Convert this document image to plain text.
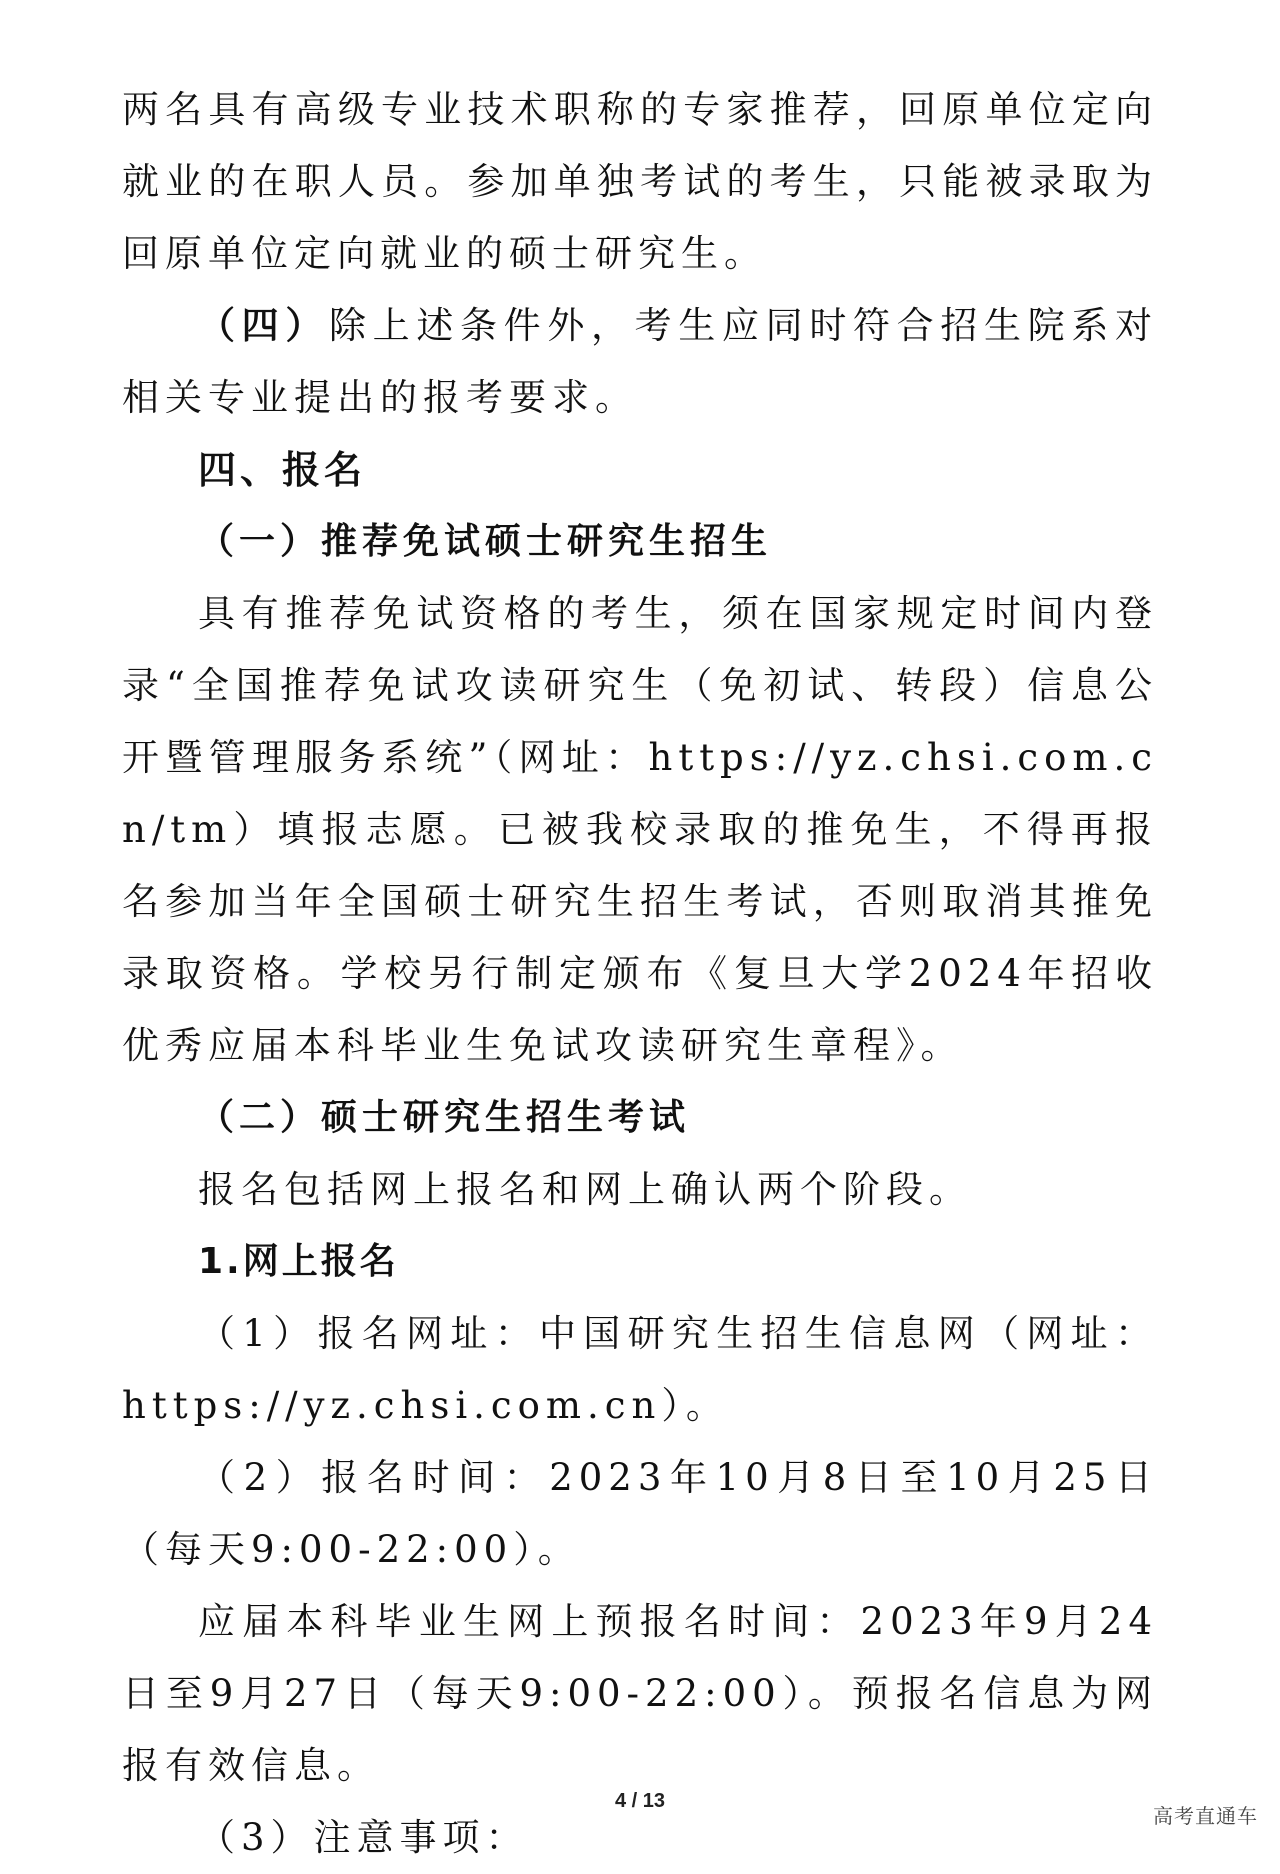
两名具有高级专业技术职称的专家推荐，回原单位定向就业的在职人员。参加单独考试的考生，只能被录取为回原单位定向就业的硕士研究生。

（四）除上述条件外，考生应同时符合招生院系对相关专业提出的报考要求。

四、报名
（一）推荐免试硕士研究生招生

具有推荐免试资格的考生，须在国家规定时间内登录“全国推荐免试攻读研究生（免初试、转段）信息公开暨管理服务系统”（网址：https://yz.chsi.com.cn/tm）填报志愿。已被我校录取的推免生，不得再报名参加当年全国硕士研究生招生考试，否则取消其推免录取资格。学校另行制定颁布《复旦大学2024年招收优秀应届本科毕业生免试攻读研究生章程》。

（二）硕士研究生招生考试

报名包括网上报名和网上确认两个阶段。

1.网上报名

（1）报名网址：中国研究生招生信息网（网址：https://yz.chsi.com.cn）。

（2）报名时间：2023年10月8日至10月25日（每天9:00-22:00）。

应届本科毕业生网上预报名时间：2023年9月24日至9月27日（每天9:00-22:00）。预报名信息为网报有效信息。

（3）注意事项：

4 / 13
高考直通车
